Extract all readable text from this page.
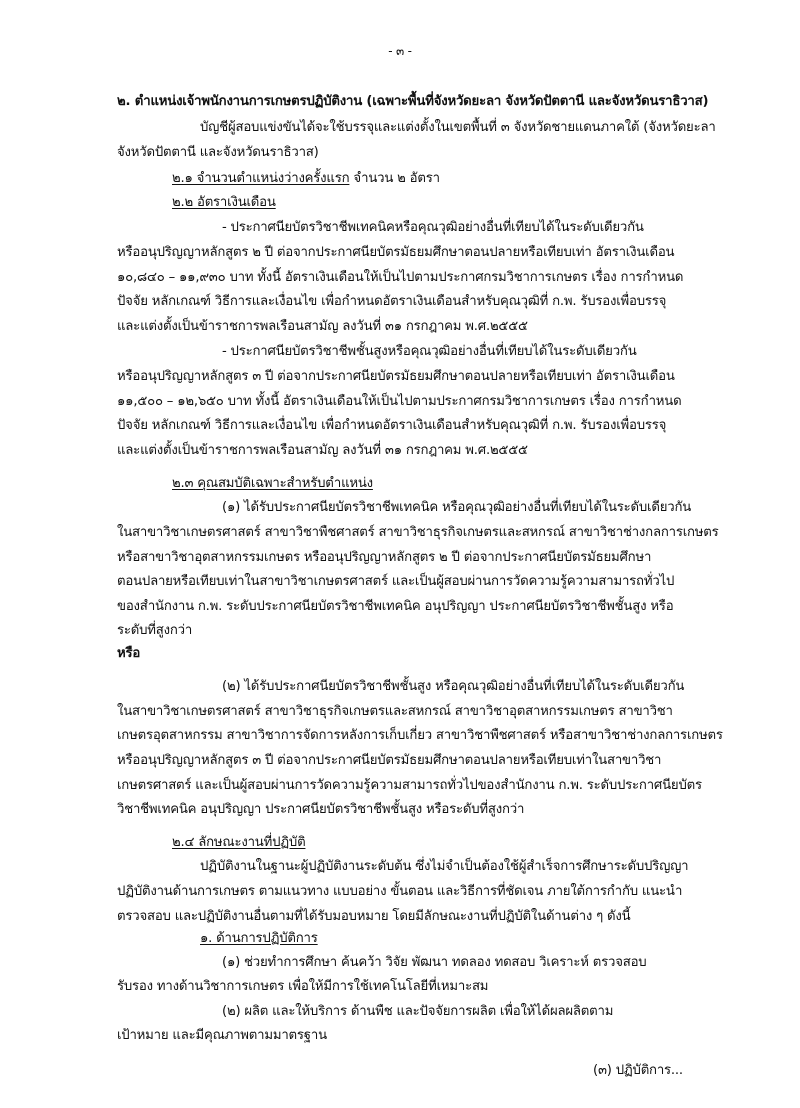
- ๓ -
๒. ตำแหน่งเจ้าพนักงานการเกษตรปฏิบัติงาน (เฉพาะพื้นที่จังหวัดยะลา จังหวัดปัตตานี และจังหวัดนราธิวาส)
บัญชีผู้สอบแข่งขันได้จะใช้บรรจุและแต่งตั้งในเขตพื้นที่ ๓ จังหวัดชายแดนภาคใต้ (จังหวัดยะลา
จังหวัดปัตตานี และจังหวัดนราธิวาส)
๒.๑ จำนวนตำแหน่งว่างครั้งแรก จำนวน ๒ อัตรา
๒.๒ อัตราเงินเดือน
- ประกาศนียบัตรวิชาชีพเทคนิคหรือคุณวุฒิอย่างอื่นที่เทียบได้ในระดับเดียวกัน
หรืออนุปริญญาหลักสูตร ๒ ปี ต่อจากประกาศนียบัตรมัธยมศึกษาตอนปลายหรือเทียบเท่า อัตราเงินเดือน
๑๐,๘๔๐ – ๑๑,๙๓๐ บาท ทั้งนี้ อัตราเงินเดือนให้เป็นไปตามประกาศกรมวิชาการเกษตร เรื่อง การกำหนด
ปัจจัย หลักเกณฑ์ วิธีการและเงื่อนไข เพื่อกำหนดอัตราเงินเดือนสำหรับคุณวุฒิที่ ก.พ. รับรองเพื่อบรรจุ
และแต่งตั้งเป็นข้าราชการพลเรือนสามัญ ลงวันที่ ๓๑ กรกฎาคม พ.ศ.๒๕๕๕
- ประกาศนียบัตรวิชาชีพชั้นสูงหรือคุณวุฒิอย่างอื่นที่เทียบได้ในระดับเดียวกัน
หรืออนุปริญญาหลักสูตร ๓ ปี ต่อจากประกาศนียบัตรมัธยมศึกษาตอนปลายหรือเทียบเท่า อัตราเงินเดือน
๑๑,๕๐๐ – ๑๒,๖๕๐ บาท ทั้งนี้ อัตราเงินเดือนให้เป็นไปตามประกาศกรมวิชาการเกษตร เรื่อง การกำหนด
ปัจจัย หลักเกณฑ์ วิธีการและเงื่อนไข เพื่อกำหนดอัตราเงินเดือนสำหรับคุณวุฒิที่ ก.พ. รับรองเพื่อบรรจุ
และแต่งตั้งเป็นข้าราชการพลเรือนสามัญ ลงวันที่ ๓๑ กรกฎาคม พ.ศ.๒๕๕๕
๒.๓ คุณสมบัติเฉพาะสำหรับตำแหน่ง
(๑) ได้รับประกาศนียบัตรวิชาชีพเทคนิค หรือคุณวุฒิอย่างอื่นที่เทียบได้ในระดับเดียวกัน
ในสาขาวิชาเกษตรศาสตร์ สาขาวิชาพืชศาสตร์ สาขาวิชาธุรกิจเกษตรและสหกรณ์ สาขาวิชาช่างกลการเกษตร
หรือสาขาวิชาอุตสาหกรรมเกษตร หรืออนุปริญญาหลักสูตร ๒ ปี ต่อจากประกาศนียบัตรมัธยมศึกษา
ตอนปลายหรือเทียบเท่าในสาขาวิชาเกษตรศาสตร์ และเป็นผู้สอบผ่านการวัดความรู้ความสามารถทั่วไป
ของสำนักงาน ก.พ. ระดับประกาศนียบัตรวิชาชีพเทคนิค อนุปริญญา ประกาศนียบัตรวิชาชีพชั้นสูง หรือ
ระดับที่สูงกว่า
หรือ
(๒) ได้รับประกาศนียบัตรวิชาชีพชั้นสูง หรือคุณวุฒิอย่างอื่นที่เทียบได้ในระดับเดียวกัน
ในสาขาวิชาเกษตรศาสตร์ สาขาวิชาธุรกิจเกษตรและสหกรณ์ สาขาวิชาอุตสาหกรรมเกษตร สาขาวิชา
เกษตรอุตสาหกรรม สาขาวิชาการจัดการหลังการเก็บเกี่ยว สาขาวิชาพืชศาสตร์ หรือสาขาวิชาช่างกลการเกษตร
หรืออนุปริญญาหลักสูตร ๓ ปี ต่อจากประกาศนียบัตรมัธยมศึกษาตอนปลายหรือเทียบเท่าในสาขาวิชา
เกษตรศาสตร์ และเป็นผู้สอบผ่านการวัดความรู้ความสามารถทั่วไปของสำนักงาน ก.พ. ระดับประกาศนียบัตร
วิชาชีพเทคนิค อนุปริญญา ประกาศนียบัตรวิชาชีพชั้นสูง หรือระดับที่สูงกว่า
๒.๔ ลักษณะงานที่ปฏิบัติ
ปฏิบัติงานในฐานะผู้ปฏิบัติงานระดับต้น ซึ่งไม่จำเป็นต้องใช้ผู้สำเร็จการศึกษาระดับปริญญา
ปฏิบัติงานด้านการเกษตร ตามแนวทาง แบบอย่าง ขั้นตอน และวิธีการที่ชัดเจน ภายใต้การกำกับ แนะนำ
ตรวจสอบ และปฏิบัติงานอื่นตามที่ได้รับมอบหมาย โดยมีลักษณะงานที่ปฏิบัติในด้านต่าง ๆ ดังนี้
๑. ด้านการปฏิบัติการ
(๑) ช่วยทำการศึกษา ค้นคว้า วิจัย พัฒนา ทดลอง ทดสอบ วิเคราะห์ ตรวจสอบ
รับรอง ทางด้านวิชาการเกษตร เพื่อให้มีการใช้เทคโนโลยีที่เหมาะสม
(๒) ผลิต และให้บริการ ด้านพืช และปัจจัยการผลิต เพื่อให้ได้ผลผลิตตาม
เป้าหมาย และมีคุณภาพตามมาตรฐาน
(๓) ปฏิบัติการ...
